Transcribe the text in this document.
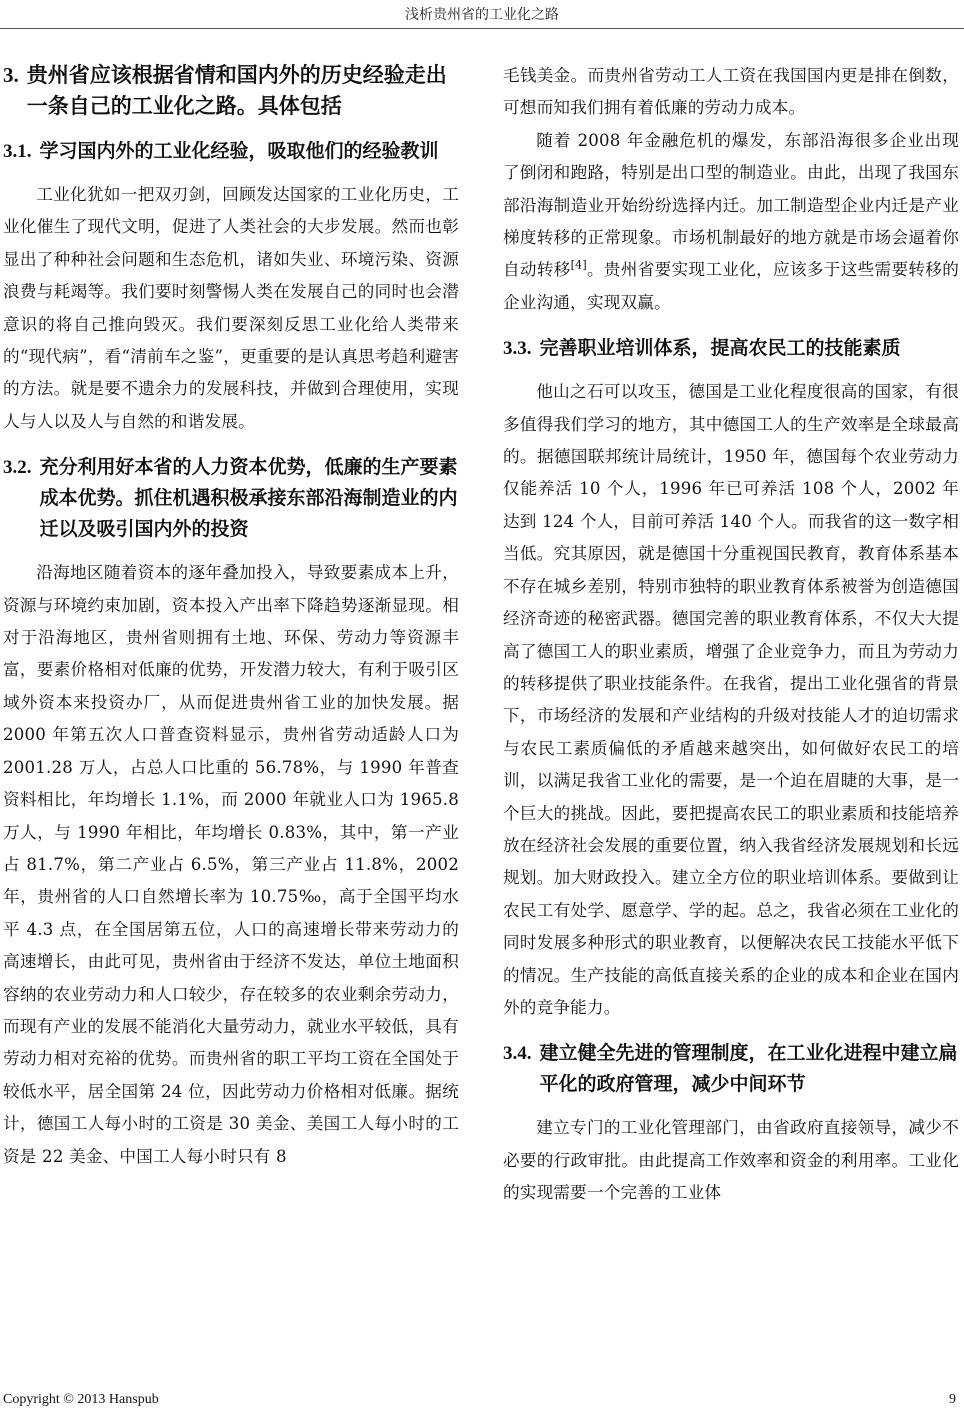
浅析贵州省的工业化之路
3. 贵州省应该根据省情和国内外的历史经验走出一条自己的工业化之路。具体包括
3.1. 学习国内外的工业化经验，吸取他们的经验教训

工业化犹如一把双刃剑，回顾发达国家的工业化历史，工业化催生了现代文明，促进了人类社会的大步发展。然而也彰显出了种种社会问题和生态危机，诸如失业、环境污染、资源浪费与耗竭等。我们要时刻警惕人类在发展自己的同时也会潜意识的将自己推向毁灭。我们要深刻反思工业化给人类带来的“现代病”，看“清前车之鉴”，更重要的是认真思考趋利避害的方法。就是要不遗余力的发展科技，并做到合理使用，实现人与人以及人与自然的和谐发展。

3.2. 充分利用好本省的人力资本优势，低廉的生产要素成本优势。抓住机遇积极承接东部沿海制造业的内迁以及吸引国内外的投资

沿海地区随着资本的逐年叠加投入，导致要素成本上升，资源与环境约束加剧，资本投入产出率下降趋势逐渐显现。相对于沿海地区，贵州省则拥有土地、环保、劳动力等资源丰富，要素价格相对低廉的优势，开发潜力较大，有利于吸引区域外资本来投资办厂，从而促进贵州省工业的加快发展。据 2000 年第五次人口普查资料显示，贵州省劳动适龄人口为 2001.28 万人，占总人口比重的 56.78%，与 1990 年普查资料相比，年均增长 1.1%，而 2000 年就业人口为 1965.8 万人，与 1990 年相比，年均增长 0.83%，其中，第一产业占 81.7%，第二产业占 6.5%，第三产业占 11.8%，2002 年，贵州省的人口自然增长率为 10.75‰，高于全国平均水平 4.3 点，在全国居第五位，人口的高速增长带来劳动力的高速增长，由此可见，贵州省由于经济不发达，单位土地面积容纳的农业劳动力和人口较少，存在较多的农业剩余劳动力，而现有产业的发展不能消化大量劳动力，就业水平较低，具有劳动力相对充裕的优势。而贵州省的职工平均工资在全国处于较低水平，居全国第 24 位，因此劳动力价格相对低廉。据统计，德国工人每小时的工资是 30 美金、美国工人每小时的工资是 22 美金、中国工人每小时只有 8

毛钱美金。而贵州省劳动工人工资在我国国内更是排在倒数，可想而知我们拥有着低廉的劳动力成本。

随着 2008 年金融危机的爆发，东部沿海很多企业出现了倒闭和跑路，特别是出口型的制造业。由此，出现了我国东部沿海制造业开始纷纷选择内迁。加工制造型企业内迁是产业梯度转移的正常现象。市场机制最好的地方就是市场会逼着你自动转移[4]。贵州省要实现工业化，应该多于这些需要转移的企业沟通，实现双赢。

3.3. 完善职业培训体系，提高农民工的技能素质

他山之石可以攻玉，德国是工业化程度很高的国家，有很多值得我们学习的地方，其中德国工人的生产效率是全球最高的。据德国联邦统计局统计，1950 年，德国每个农业劳动力仅能养活 10 个人，1996 年已可养活 108 个人，2002 年达到 124 个人，目前可养活 140 个人。而我省的这一数字相当低。究其原因，就是德国十分重视国民教育，教育体系基本不存在城乡差别，特别市独特的职业教育体系被誉为创造德国经济奇迹的秘密武器。德国完善的职业教育体系，不仅大大提高了德国工人的职业素质，增强了企业竞争力，而且为劳动力的转移提供了职业技能条件。在我省，提出工业化强省的背景下，市场经济的发展和产业结构的升级对技能人才的迫切需求与农民工素质偏低的矛盾越来越突出，如何做好农民工的培训，以满足我省工业化的需要，是一个迫在眉睫的大事，是一个巨大的挑战。因此，要把提高农民工的职业素质和技能培养放在经济社会发展的重要位置，纳入我省经济发展规划和长远规划。加大财政投入。建立全方位的职业培训体系。要做到让农民工有处学、愿意学、学的起。总之，我省必须在工业化的同时发展多种形式的职业教育，以便解决农民工技能水平低下的情况。生产技能的高低直接关系的企业的成本和企业在国内外的竞争能力。

3.4. 建立健全先进的管理制度，在工业化进程中建立扁平化的政府管理，减少中间环节

建立专门的工业化管理部门，由省政府直接领导，减少不必要的行政审批。由此提高工作效率和资金的利用率。工业化的实现需要一个完善的工业体

Copyright © 2013 Hanspub	9
